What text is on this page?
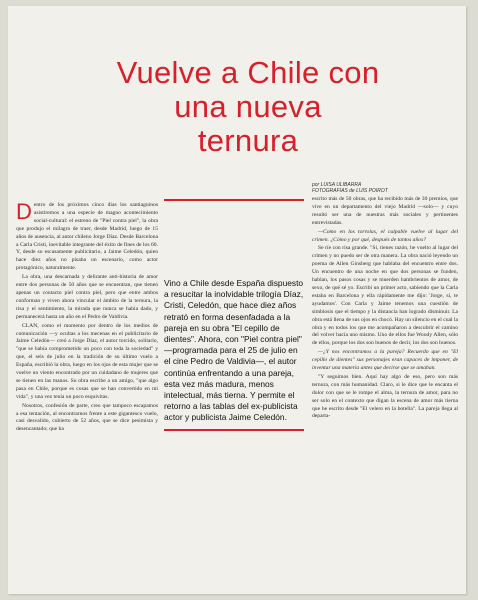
Vuelve a Chile con
una nueva
ternura
por LUISA ULIBARRA
FOTOGRAFIAS de LUIS POIROT

Dentro de los próximos cinco días los santiaguinos asistiremos a una especie de magno acontecimiento social-cultural: el estreno de "Piel contra piel", la obra que produjo el milagro de traer, desde Madrid, luego de 15 años de ausencia, al autor chileno Jorge Díaz. Desde Barcelona a Carla Cristi, inevitable integrante del éxito de fines de los 60. Y, desde su escasamente publicitario, a Jaime Celedón, quien hace diez años no pisaba un escenario, como actor protagónico, naturalmente.

La obra, una descarnada y delirante anti-historia de amor entre dos personas de 50 años que se encuentran, que tienen apenas un contacto piel contra piel, pero que entre ambos conforman y viven ahora vincular el ámbito de la ternura, la risa y el sentimiento, la mirada que nunca se había dado, y permanecerá hasta un año en el Pedro de Valdivia.

CLAN, como el momento por dentro de los medios de comunicación —y ocultas a los mecenas en el publicitario de Jaime Celedón— creó a Jorge Díaz, el autor torcido, solitario, "que se había comprometido un poco con toda la sociedad" y que, el seis de julio en la tradición de su último vuelo a España, escribió la obra, luego en los ojos de esta mujer que se vuelve un viento encontrado por un cuidadano de mujeres que se tienen en las manos. Su obra escribe a un amigo, "que algo pasa en Chile, porque es cosas que se han convertido en mi vida", y una vez tenía un poco esquivitas.

Nosotros, confesión de parte, creo que tampoco escapamos a esa tentación, al encontrarnos frente a este gigantesco vuelo, casi desvalido, cubierto de 52 años, que se dice pesimista y desencantado; que ha

Vino a Chile desde España dispuesto a resucitar la inolvidable trilogía Díaz, Cristi, Celedón, que hace diez años retrató en forma desenfadada a la pareja en su obra "El cepillo de dientes". Ahora, con "Piel contra piel" —programada para el 25 de julio en el cine Pedro de Valdivia—, el autor continúa enfrentando a una pareja, esta vez más madura, menos intelectual, más tierna. Y permite el retorno a las tablas del ex-publicista actor y publicista Jaime Celedón.

escrito más de 50 obras, que ha recibido más de 30 premios, que vive en un departamento del viejo Madrid —solo— y cuyo resultó ser una de nuestras más sociales y pertinentes entrevistadas.

—Como en los torrolas, el culpable vuelve al lugar del crimen. ¿Cómo y por qué, después de tantos años?

Se ríe con risa grande. "Sí, tienes razón, he vuelto al lugar del crimen y no puedo ser de otra manera. La obra nació leyendo un poema de Allen Ginsberg que hablaba del encuentro entre dos. Un encuentro de una noche en que dos personas se funden, hablan, los pasos cosas y se muerden hambrientos de amor, de sexo, de qué sé yo. Escribí un primer acto, sabiendo que la Carla estaba en Barcelona y ella rápidamente me dijo: 'Jorge, sí, te ayudamos'. Con Carla y Jaime tenemos una cuestión de simbiosis que el tiempo y la distancia han logrado disminuir. La obra está llena de sus ojos en chocó. Hay un silencio en el cual la obra y en todos los que me acompañaron a descubrir el camino del volver hacia uno mismo. Uno de ellos fue Woody Allen, sólo de ellos, porque los dos son buenos de decir, los dos son buenos.

—¿Y nos encontramos a la pareja? Recuerdo que en "El cepillo de dientes" sus personajes eran capaces de imponer, de inventar una materia antes que decirse que se amaban.

"Y seguimos bien. Aquí hay algo de eso, pero son más ternura, con más humanidad. Claro, si le dice que le encanta el dolor con que se le rompe el alma, la ternura de amor, para no ser solo en el contexto que digan la escena de amor más tierna que he escrito desde "El velero en la botella". La pareja llega al departa-
